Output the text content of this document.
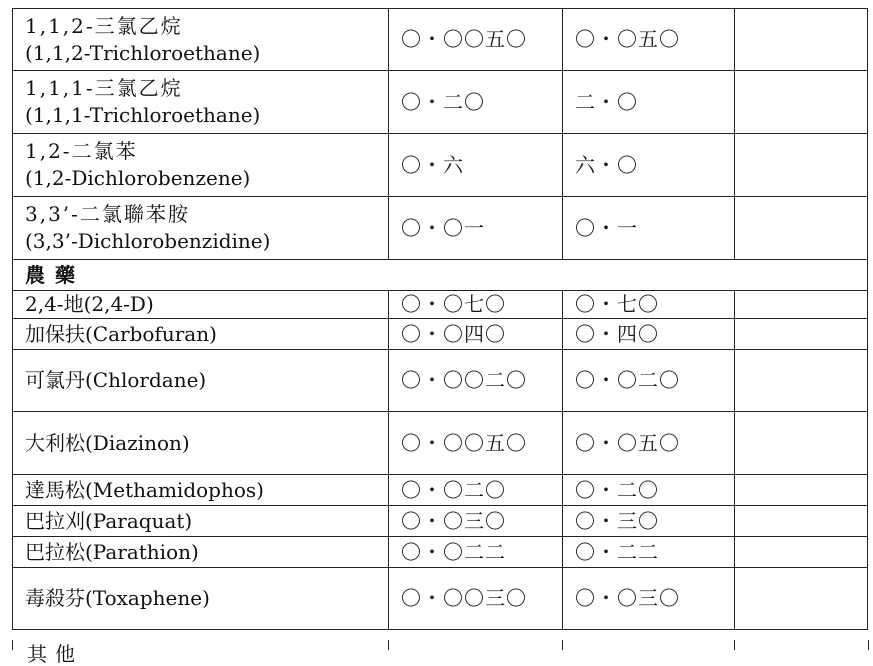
1,1,2-三氯乙烷
(1,1,2-Trichloroethane)	〇・〇〇五〇	〇・〇五〇	

1,1,1-三氯乙烷
(1,1,1-Trichloroethane)	〇・二〇	二・〇	

1,2-二氯苯
(1,2-Dichlorobenzene)	〇・六	六・〇	

3,3’-二氯聯苯胺
(3,3’-Dichlorobenzidine)	〇・〇一	〇・一	

農藥			

2,4-地(2,4-D)	〇・〇七〇	〇・七〇	

加保扶(Carbofuran)	〇・〇四〇	〇・四〇	

可氯丹(Chlordane)	〇・〇〇二〇	〇・〇二〇	

大利松(Diazinon)	〇・〇〇五〇	〇・〇五〇	

達馬松(Methamidophos)	〇・〇二〇	〇・二〇	

巴拉刈(Paraquat)	〇・〇三〇	〇・三〇	

巴拉松(Parathion)	〇・〇二二	〇・二二	

毒殺芬(Toxaphene)	〇・〇〇三〇	〇・〇三〇	

其他
